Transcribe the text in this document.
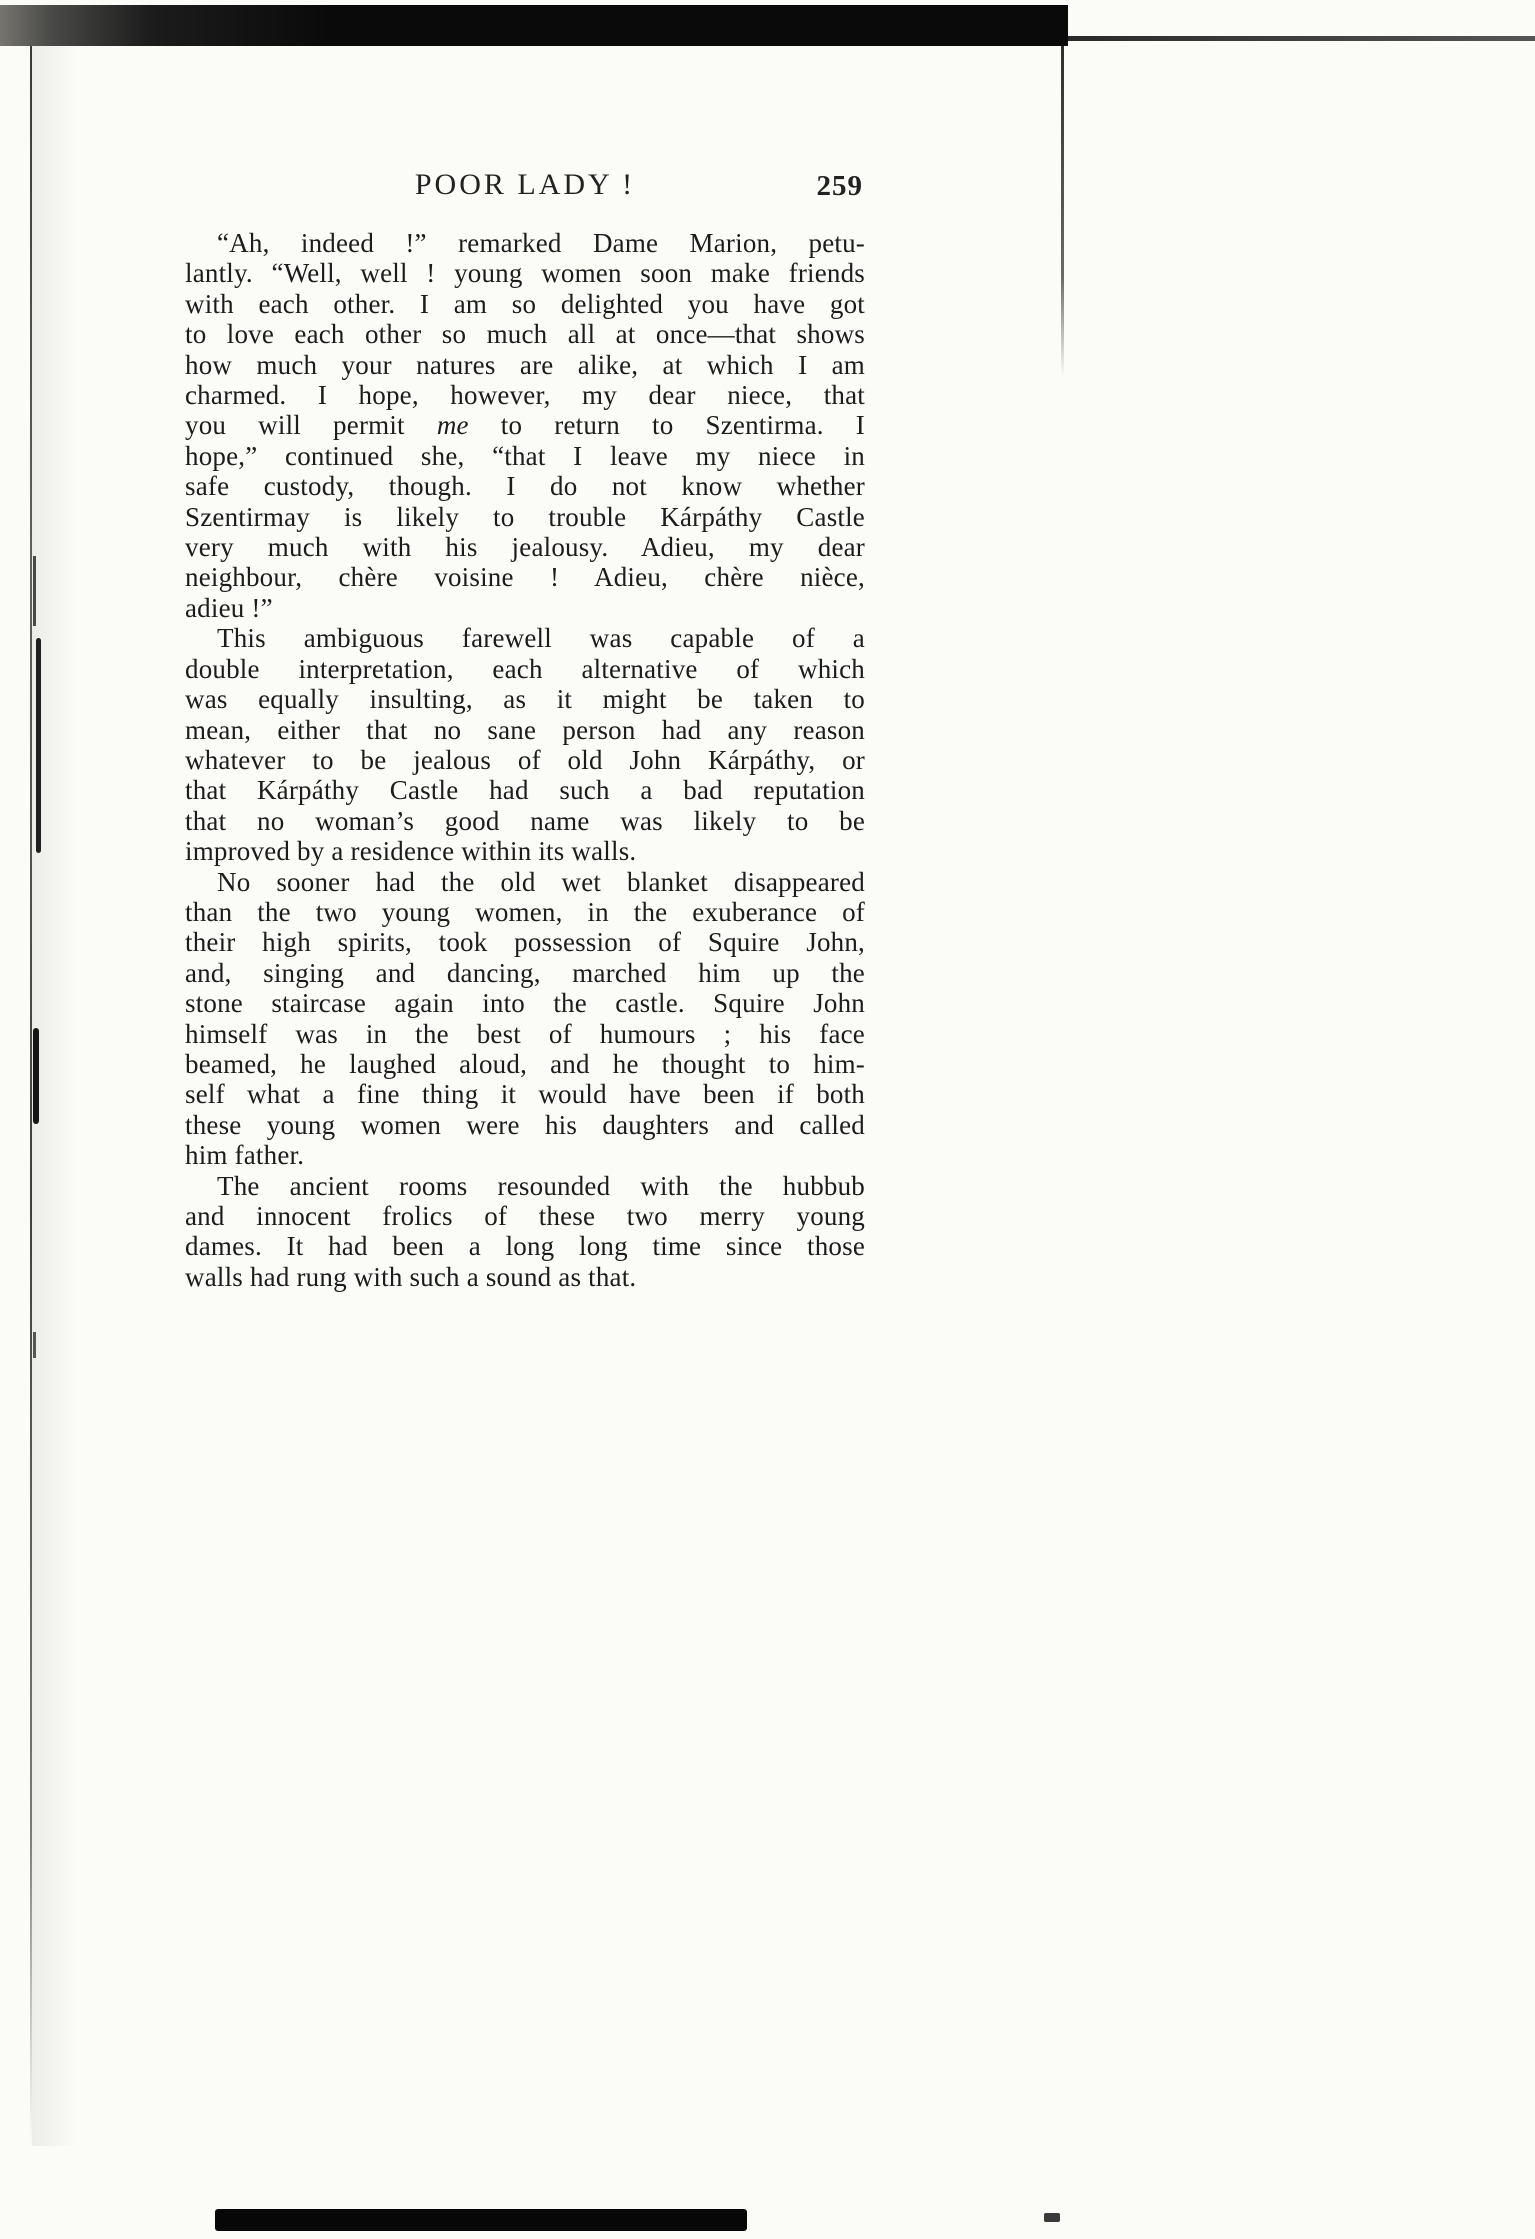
POOR LADY !	259
“Ah, indeed !” remarked Dame Marion, petu-
lantly. “Well, well ! young women soon make friends
with each other. I am so delighted you have got
to love each other so much all at once—that shows
how much your natures are alike, at which I am
charmed. I hope, however, my dear niece, that
you will permit me to return to Szentirma. I
hope,” continued she, “that I leave my niece in
safe custody, though. I do not know whether
Szentirmay is likely to trouble Kárpáthy Castle
very much with his jealousy. Adieu, my dear
neighbour, chère voisine ! Adieu, chère nièce,
adieu !”
This ambiguous farewell was capable of a
double interpretation, each alternative of which
was equally insulting, as it might be taken to
mean, either that no sane person had any reason
whatever to be jealous of old John Kárpáthy, or
that Kárpáthy Castle had such a bad reputation
that no woman’s good name was likely to be
improved by a residence within its walls.
No sooner had the old wet blanket disappeared
than the two young women, in the exuberance of
their high spirits, took possession of Squire John,
and, singing and dancing, marched him up the
stone staircase again into the castle. Squire John
himself was in the best of humours ; his face
beamed, he laughed aloud, and he thought to him-
self what a fine thing it would have been if both
these young women were his daughters and called
him father.
The ancient rooms resounded with the hubbub
and innocent frolics of these two merry young
dames. It had been a long long time since those
walls had rung with such a sound as that.
